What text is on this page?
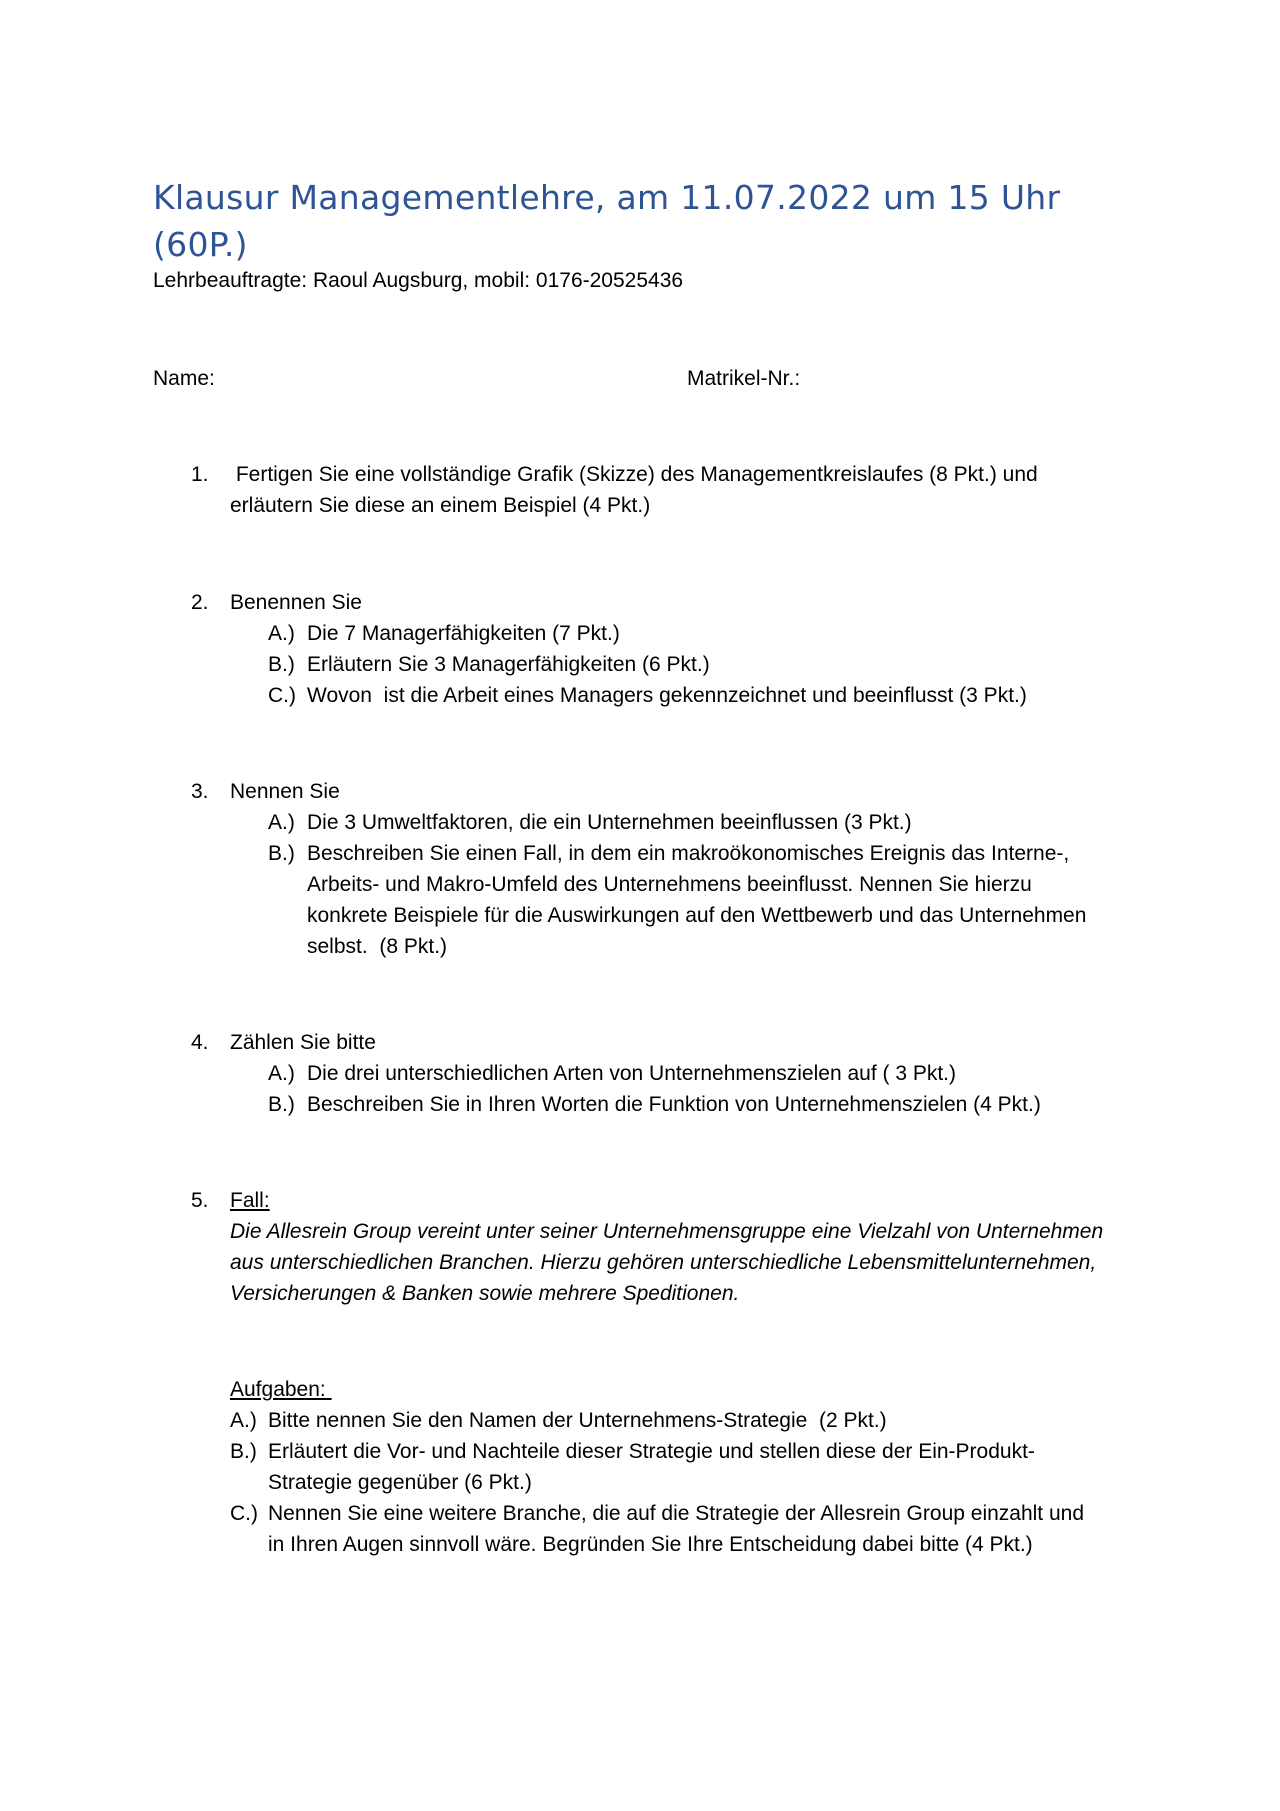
Klausur Managementlehre, am 11.07.2022 um 15 Uhr (60P.)
Lehrbeauftragte: Raoul Augsburg, mobil: 0176-20525436
Name:	Matrikel-Nr.:
1. Fertigen Sie eine vollständige Grafik (Skizze) des Managementkreislaufes (8 Pkt.) und
erläutern Sie diese an einem Beispiel (4 Pkt.)
2. Benennen Sie
A.) Die 7 Managerfähigkeiten (7 Pkt.)
B.) Erläutern Sie 3 Managerfähigkeiten (6 Pkt.)
C.) Wovon  ist die Arbeit eines Managers gekennzeichnet und beeinflusst (3 Pkt.)
3. Nennen Sie
A.) Die 3 Umweltfaktoren, die ein Unternehmen beeinflussen (3 Pkt.)
B.) Beschreiben Sie einen Fall, in dem ein makroökonomisches Ereignis das Interne-,
Arbeits- und Makro-Umfeld des Unternehmens beeinflusst. Nennen Sie hierzu
konkrete Beispiele für die Auswirkungen auf den Wettbewerb und das Unternehmen
selbst.  (8 Pkt.)
4. Zählen Sie bitte
A.) Die drei unterschiedlichen Arten von Unternehmenszielen auf ( 3 Pkt.)
B.) Beschreiben Sie in Ihren Worten die Funktion von Unternehmenszielen (4 Pkt.)
5. Fall:
Die Allesrein Group vereint unter seiner Unternehmensgruppe eine Vielzahl von Unternehmen
aus unterschiedlichen Branchen. Hierzu gehören unterschiedliche Lebensmittelunternehmen,
Versicherungen & Banken sowie mehrere Speditionen.
Aufgaben:
A.) Bitte nennen Sie den Namen der Unternehmens-Strategie  (2 Pkt.)
B.) Erläutert die Vor- und Nachteile dieser Strategie und stellen diese der Ein-Produkt-
Strategie gegenüber (6 Pkt.)
C.) Nennen Sie eine weitere Branche, die auf die Strategie der Allesrein Group einzahlt und
in Ihren Augen sinnvoll wäre. Begründen Sie Ihre Entscheidung dabei bitte (4 Pkt.)
